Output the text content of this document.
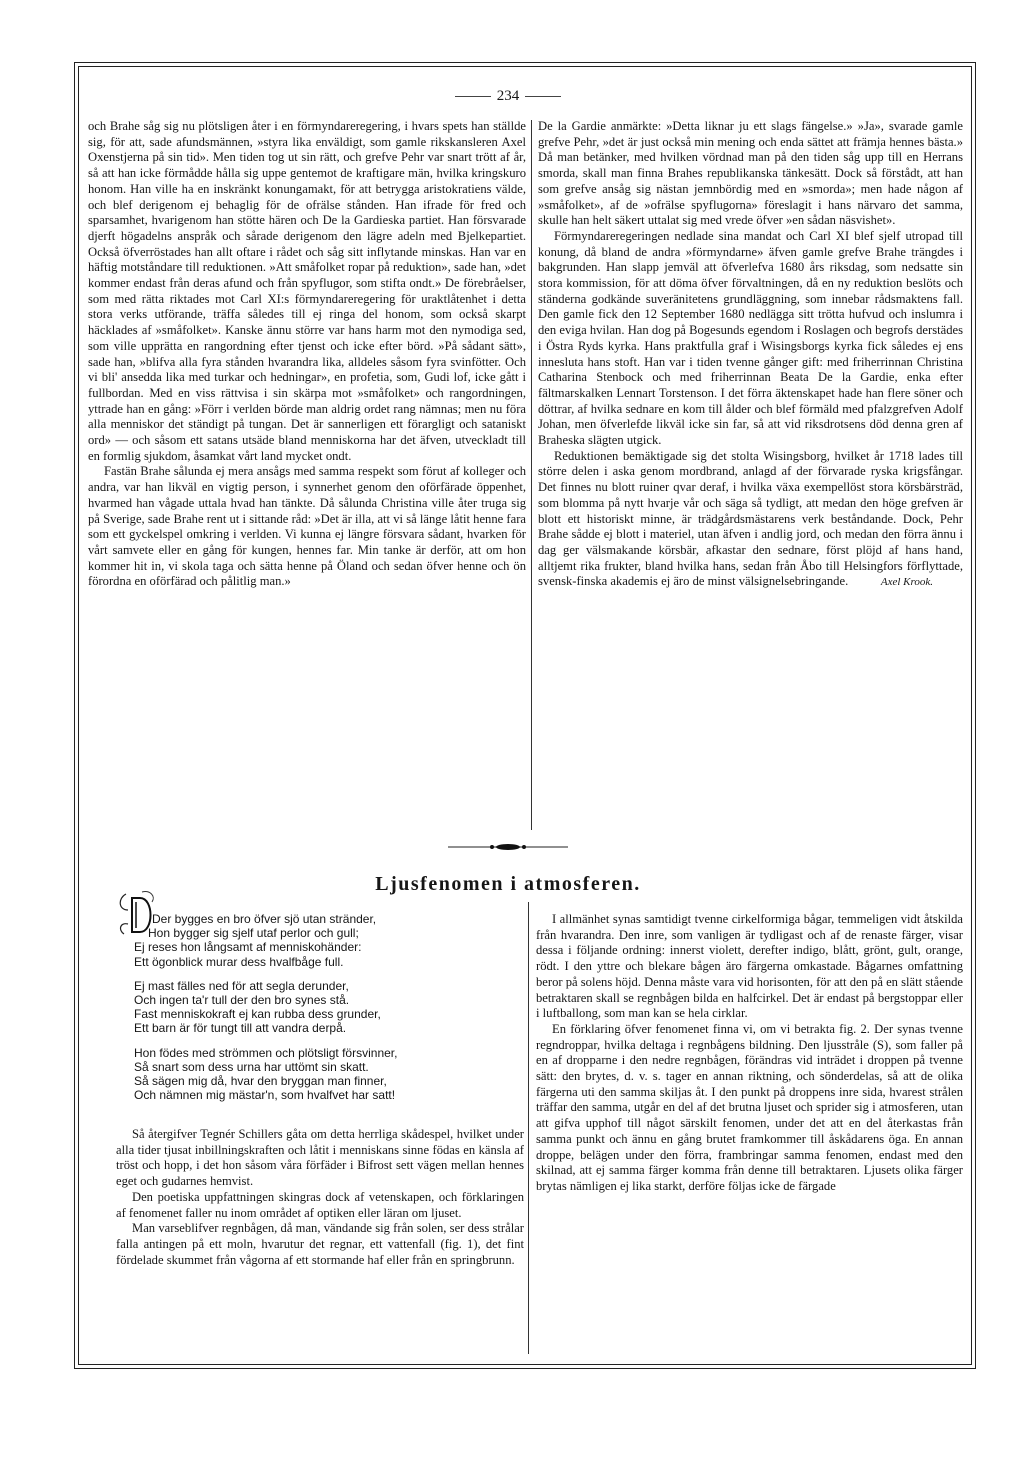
234

och Brahe såg sig nu plötsligen åter i en förmyndareregering, i hvars spets han ställde sig, för att, sade afundsmännen, »styra lika enväldigt, som gamle rikskansleren Axel Oxenstjerna på sin tid». Men tiden tog ut sin rätt, och grefve Pehr var snart trött af år, så att han icke förmådde hålla sig uppe gentemot de kraftigare män, hvilka kringskuro honom. Han ville ha en inskränkt konungamakt, för att betrygga aristokratiens välde, och blef derigenom ej behaglig för de ofrälse stånden. Han ifrade för fred och sparsamhet, hvarigenom han stötte hären och De la Gardieska partiet. Han försvarade djerft högadelns anspråk och sårade derigenom den lägre adeln med Bjelkepartiet. Också öfverröstades han allt oftare i rådet och såg sitt inflytande minskas. Han var en häftig motståndare till reduktionen. »Att småfolket ropar på reduktion», sade han, »det kommer endast från deras afund och från spyflugor, som stifta ondt.» De förebråelser, som med rätta riktades mot Carl XI:s förmyndareregering för uraktlåtenhet i detta stora verks utförande, träffa således till ej ringa del honom, som också skarpt häcklades af »småfolket». Kanske ännu större var hans harm mot den nymodiga sed, som ville upprätta en rangordning efter tjenst och icke efter börd. »På sådant sätt», sade han, »blifva alla fyra stånden hvarandra lika, alldeles såsom fyra svinfötter. Och vi bli' ansedda lika med turkar och hedningar», en profetia, som, Gudi lof, icke gått i fullbordan. Med en viss rättvisa i sin skärpa mot »småfolket» och rangordningen, yttrade han en gång: »Förr i verlden börde man aldrig ordet rang nämnas; men nu föra alla menniskor det ständigt på tungan. Det är sannerligen ett förargligt och sataniskt ord» — och såsom ett satans utsäde bland menniskorna har det äfven, utveckladt till en formlig sjukdom, åsamkat vårt land mycket ondt.

Fastän Brahe sålunda ej mera ansågs med samma respekt som förut af kolleger och andra, var han likväl en vigtig person, i synnerhet genom den oförfärade öppenhet, hvarmed han vågade uttala hvad han tänkte. Då sålunda Christina ville åter truga sig på Sverige, sade Brahe rent ut i sittande råd: »Det är illa, att vi så länge låtit henne fara som ett gyckelspel omkring i verlden. Vi kunna ej längre försvara sådant, hvarken för vårt samvete eller en gång för kungen, hennes far. Min tanke är derför, att om hon kommer hit in, vi skola taga och sätta henne på Öland och sedan öfver henne och ön förordna en oförfärad och pålitlig man.»

De la Gardie anmärkte: »Detta liknar ju ett slags fängelse.» »Ja», svarade gamle grefve Pehr, »det är just också min mening och enda sättet att främja hennes bästa.» Då man betänker, med hvilken vördnad man på den tiden såg upp till en Herrans smorda, skall man finna Brahes republikanska tänkesätt. Dock så förstådt, att han som grefve ansåg sig nästan jemnbördig med en »smorda»; men hade någon af »småfolket», af de »ofrälse spyflugorna» föreslagit i hans närvaro det samma, skulle han helt säkert uttalat sig med vrede öfver »en sådan näsvishet».

Förmyndareregeringen nedlade sina mandat och Carl XI blef sjelf utropad till konung, då bland de andra »förmyndarne» äfven gamle grefve Brahe trängdes i bakgrunden. Han slapp jemväl att öfverlefva 1680 års riksdag, som nedsatte sin stora kommission, för att döma öfver förvaltningen, då en ny reduktion beslöts och ständerna godkände suveränitetens grundläggning, som innebar rådsmaktens fall. Den gamle fick den 12 September 1680 nedlägga sitt trötta hufvud och inslumra i den eviga hvilan. Han dog på Bogesunds egendom i Roslagen och begrofs derstädes i Östra Ryds kyrka. Hans praktfulla graf i Wisingsborgs kyrka fick således ej ens innesluta hans stoft. Han var i tiden tvenne gånger gift: med friherrinnan Christina Catharina Stenbock och med friherrinnan Beata De la Gardie, enka efter fältmarskalken Lennart Torstenson. I det förra äktenskapet hade han flere söner och döttrar, af hvilka sednare en kom till ålder och blef förmäld med pfalzgrefven Adolf Johan, men öfverlefde likväl icke sin far, så att vid riksdrotsens död denna gren af Braheska slägten utgick.

Reduktionen bemäktigade sig det stolta Wisingsborg, hvilket år 1718 lades till större delen i aska genom mordbrand, anlagd af der förvarade ryska krigsfångar. Det finnes nu blott ruiner qvar deraf, i hvilka växa exempellöst stora körsbärsträd, som blomma på nytt hvarje vår och säga så tydligt, att medan den höge grefven är blott ett historiskt minne, är trädgårdsmästarens verk beståndande. Dock, Pehr Brahe sådde ej blott i materiel, utan äfven i andlig jord, och medan den förra ännu i dag ger välsmakande körsbär, afkastar den sednare, först plöjd af hans hand, alltjemt rika frukter, bland hvilka hans, sedan från Åbo till Helsingfors förflyttade, svensk-finska akademis ej äro de minst välsignelsebringande.	Axel Krook.
Ljusfenomen i atmosferen.
Der bygges en bro öfver sjö utan stränder,
Hon bygger sig sjelf utaf perlor och gull;
Ej reses hon långsamt af menniskohänder:
Ett ögonblick murar dess hvalfbåge full.
Ej mast fälles ned för att segla derunder,
Och ingen ta'r tull der den bro synes stå.
Fast menniskokraft ej kan rubba dess grunder,
Ett barn är för tungt till att vandra derpå.
Hon födes med strömmen och plötsligt försvinner,
Så snart som dess urna har uttömt sin skatt.
Så sägen mig då, hvar den bryggan man finner,
Och nämnen mig mästar'n, som hvalfvet har satt!

Så återgifver Tegnér Schillers gåta om detta herrliga skådespel, hvilket under alla tider tjusat inbillningskraften och låtit i menniskans sinne födas en känsla af tröst och hopp, i det hon såsom våra förfäder i Bifrost sett vägen mellan hennes eget och gudarnes hemvist.

Den poetiska uppfattningen skingras dock af vetenskapen, och förklaringen af fenomenet faller nu inom området af optiken eller läran om ljuset.

Man varseblifver regnbågen, då man, vändande sig från solen, ser dess strålar falla antingen på ett moln, hvarutur det regnar, ett vattenfall (fig. 1), det fint fördelade skummet från vågorna af ett stormande haf eller från en springbrunn.

I allmänhet synas samtidigt tvenne cirkelformiga bågar, temmeligen vidt åtskilda från hvarandra. Den inre, som vanligen är tydligast och af de renaste färger, visar dessa i följande ordning: innerst violett, derefter indigo, blått, grönt, gult, orange, rödt. I den yttre och blekare bågen äro färgerna omkastade. Bågarnes omfattning beror på solens höjd. Denna måste vara vid horisonten, för att den på en slätt stående betraktaren skall se regnbågen bilda en halfcirkel. Det är endast på bergstoppar eller i luftballong, som man kan se hela cirklar.

En förklaring öfver fenomenet finna vi, om vi betrakta fig. 2. Der synas tvenne regndroppar, hvilka deltaga i regnbågens bildning. Den ljusstråle (S), som faller på en af dropparne i den nedre regnbågen, förändras vid inträdet i droppen på tvenne sätt: den brytes, d. v. s. tager en annan riktning, och sönderdelas, så att de olika färgerna uti den samma skiljas åt. I den punkt på droppens inre sida, hvarest strålen träffar den samma, utgår en del af det brutna ljuset och sprider sig i atmosferen, utan att gifva upphof till något särskilt fenomen, under det att en del återkastas från samma punkt och ännu en gång brutet framkommer till åskådarens öga. En annan droppe, belägen under den förra, frambringar samma fenomen, endast med den skilnad, att ej samma färger komma från denne till betraktaren. Ljusets olika färger brytas nämligen ej lika starkt, derföre följas icke de färgade
